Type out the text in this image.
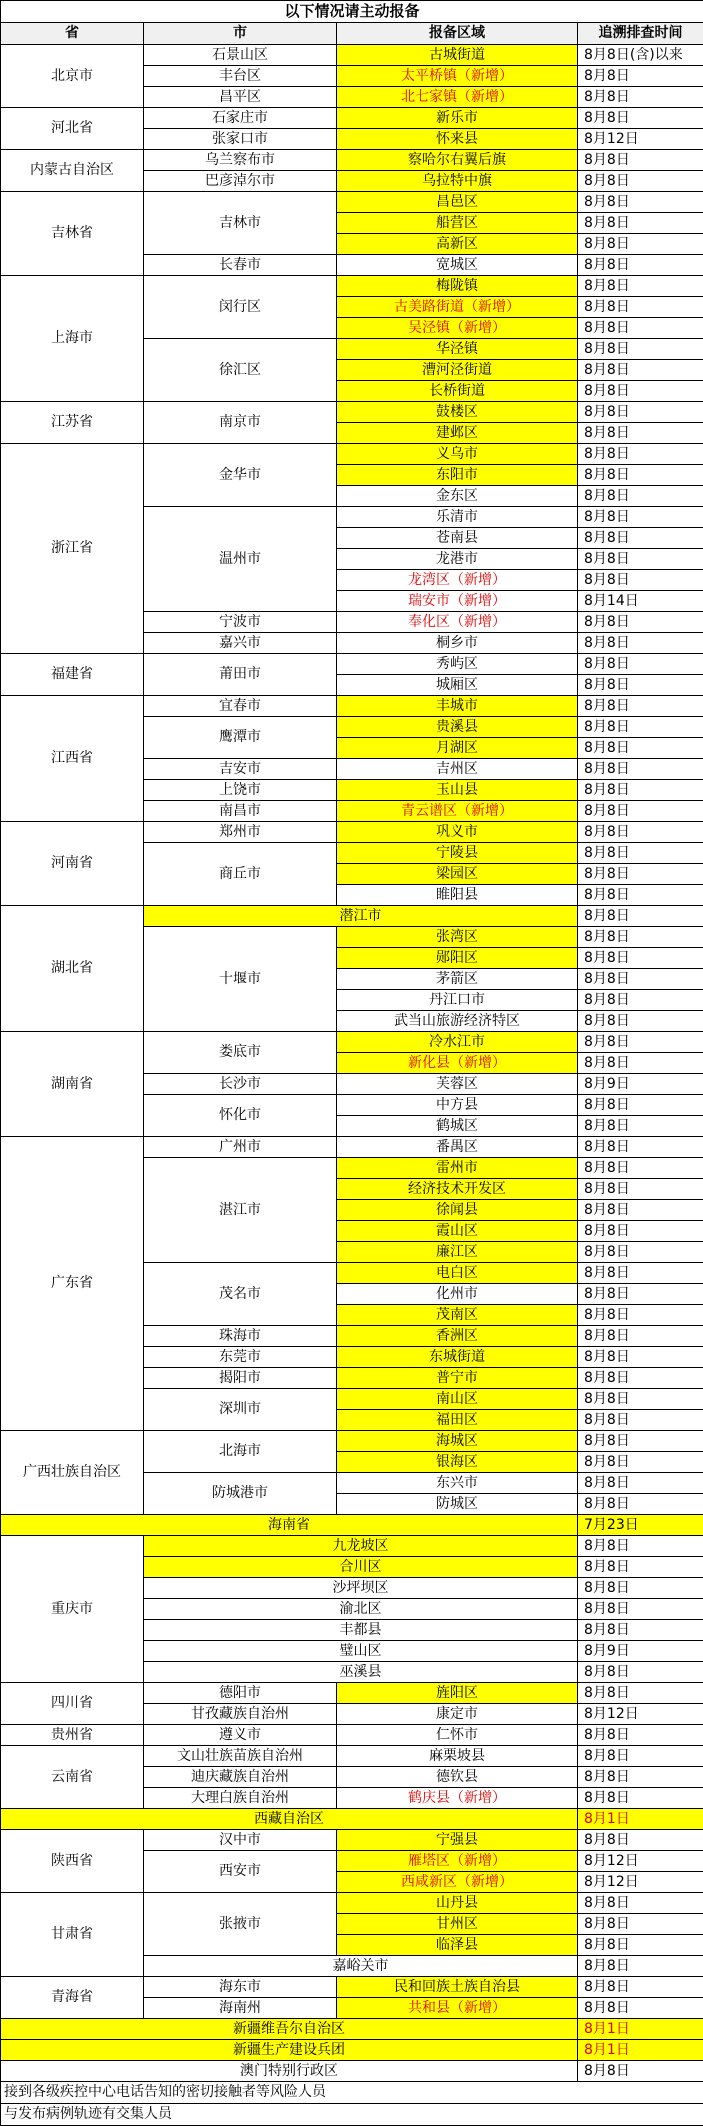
以下情况请主动报备			
省	市	报备区域	追溯排查时间
北京市	石景山区	古城街道	8月8日(含)以来
	丰台区	太平桥镇（新增）	8月8日
	昌平区	北七家镇（新增）	8月8日
河北省	石家庄市	新乐市	8月8日
	张家口市	怀来县	8月12日
内蒙古自治区	乌兰察布市	察哈尔右翼后旗	8月8日
	巴彦淖尔市	乌拉特中旗	8月8日
吉林省	吉林市	昌邑区	8月8日
		船营区	8月8日
		高新区	8月8日
	长春市	宽城区	8月8日
上海市	闵行区	梅陇镇	8月8日
		古美路街道（新增）	8月8日
		吴泾镇（新增）	8月8日
	徐汇区	华泾镇	8月8日
		漕河泾街道	8月8日
		长桥街道	8月8日
江苏省	南京市	鼓楼区	8月8日
		建邺区	8月8日
浙江省	金华市	义乌市	8月8日
		东阳市	8月8日
		金东区	8月8日
	温州市	乐清市	8月8日
		苍南县	8月8日
		龙港市	8月8日
		龙湾区（新增）	8月8日
		瑞安市（新增）	8月14日
	宁波市	奉化区（新增）	8月8日
	嘉兴市	桐乡市	8月8日
福建省	莆田市	秀屿区	8月8日
		城厢区	8月8日
江西省	宜春市	丰城市	8月8日
	鹰潭市	贵溪县	8月8日
		月湖区	8月8日
	吉安市	吉州区	8月8日
	上饶市	玉山县	8月8日
	南昌市	青云谱区（新增）	8月8日
河南省	郑州市	巩义市	8月8日
	商丘市	宁陵县	8月8日
		梁园区	8月8日
		睢阳县	8月8日
湖北省	潜江市		8月8日
	十堰市	张湾区	8月8日
		郧阳区	8月8日
		茅箭区	8月8日
		丹江口市	8月8日
		武当山旅游经济特区	8月8日
湖南省	娄底市	冷水江市	8月8日
		新化县（新增）	8月8日
	长沙市	芙蓉区	8月9日
	怀化市	中方县	8月8日
		鹤城区	8月8日
广东省	广州市	番禺区	8月8日
	湛江市	雷州市	8月8日
		经济技术开发区	8月8日
		徐闻县	8月8日
		霞山区	8月8日
		廉江区	8月8日
	茂名市	电白区	8月8日
		化州市	8月8日
		茂南区	8月8日
	珠海市	香洲区	8月8日
	东莞市	东城街道	8月8日
	揭阳市	普宁市	8月8日
	深圳市	南山区	8月8日
		福田区	8月8日
广西壮族自治区	北海市	海城区	8月8日
		银海区	8月8日
	防城港市	东兴市	8月8日
		防城区	8月8日
海南省			7月23日
重庆市	九龙坡区		8月8日
	合川区		8月8日
	沙坪坝区		8月8日
	渝北区		8月8日
	丰都县		8月8日
	璧山区		8月9日
	巫溪县		8月8日
四川省	德阳市	旌阳区	8月8日
	甘孜藏族自治州	康定市	8月12日
贵州省	遵义市	仁怀市	8月8日
云南省	文山壮族苗族自治州	麻栗坡县	8月8日
	迪庆藏族自治州	德钦县	8月8日
	大理白族自治州	鹤庆县（新增）	8月8日
西藏自治区			8月1日
陕西省	汉中市	宁强县	8月8日
	西安市	雁塔区（新增）	8月12日
		西咸新区（新增）	8月12日
甘肃省	张掖市	山丹县	8月8日
		甘州区	8月8日
		临泽县	8月8日
	嘉峪关市		8月8日
青海省	海东市	民和回族土族自治县	8月8日
	海南州	共和县（新增）	8月8日
新疆维吾尔自治区			8月1日
新疆生产建设兵团			8月1日
澳门特别行政区			8月8日
接到各级疾控中心电话告知的密切接触者等风险人员			
与发布病例轨迹有交集人员			
